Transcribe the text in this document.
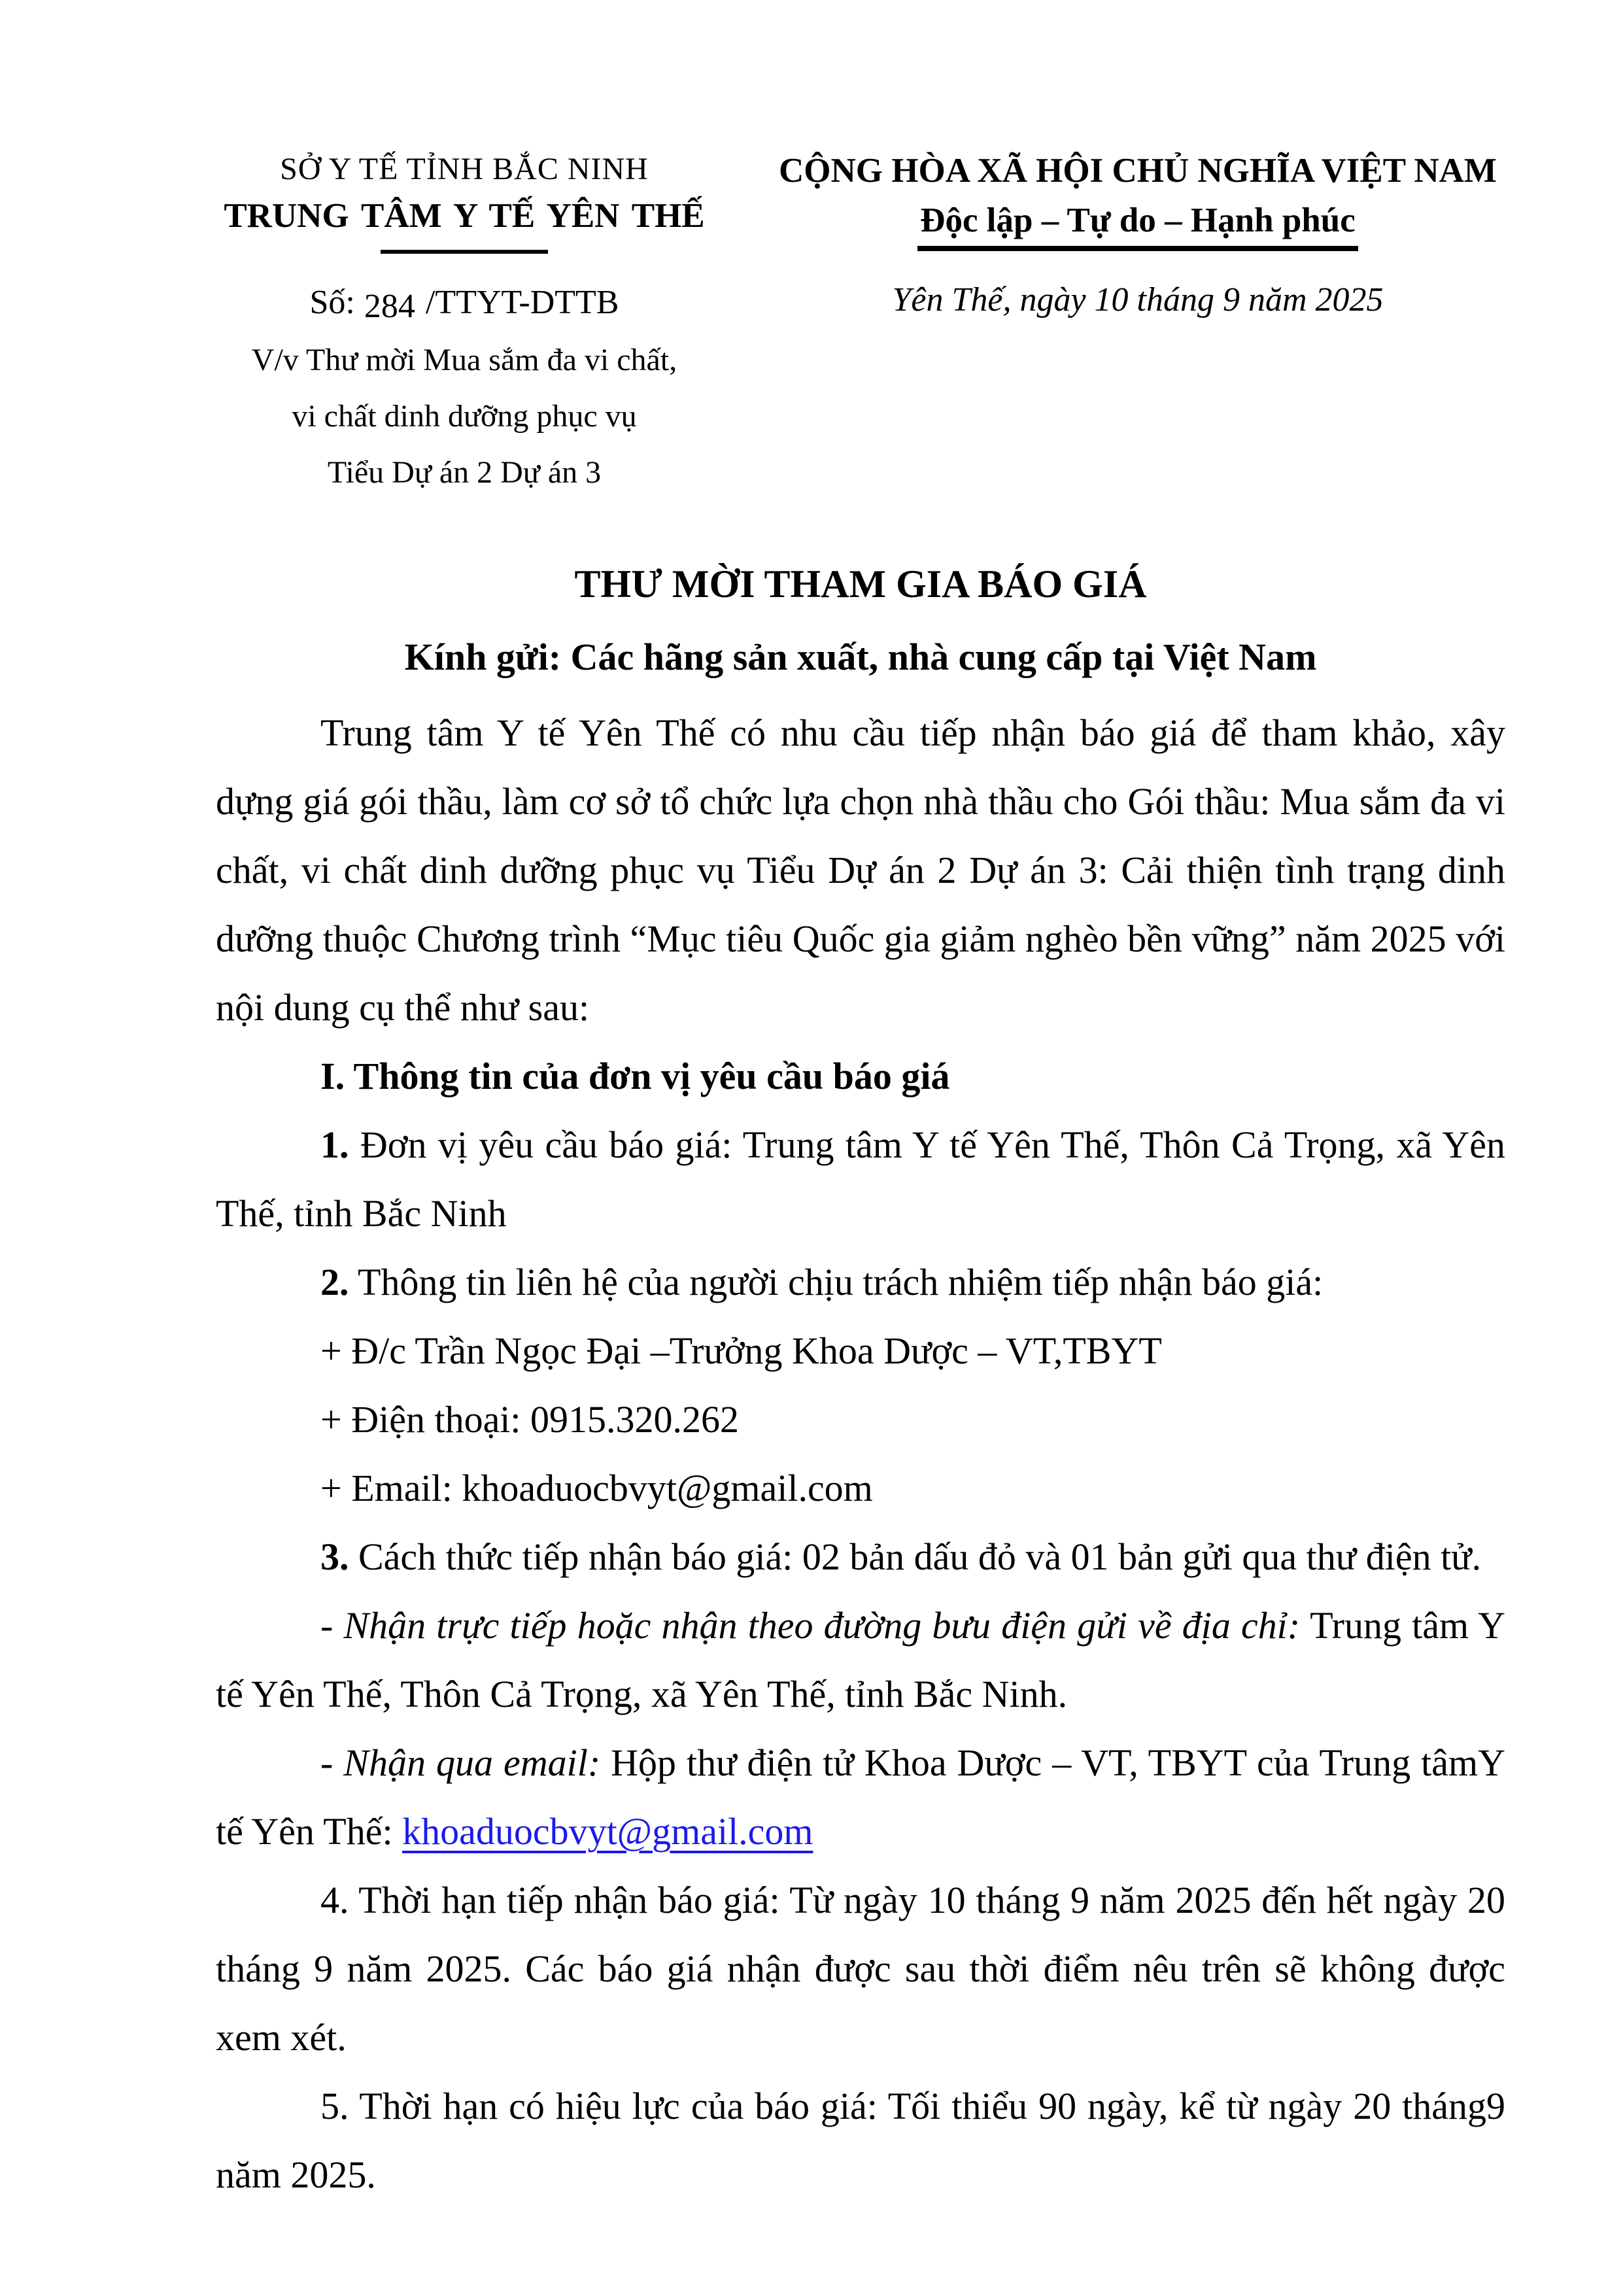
SỞ Y TẾ TỈNH BẮC NINH
TRUNG TÂM Y TẾ YÊN THẾ
Số: 284 /TTYT-DTTB
V/v Thư mời Mua sắm đa vi chất,
vi chất dinh dưỡng phục vụ
Tiểu Dự án 2 Dự án 3
CỘNG HÒA XÃ HỘI CHỦ NGHĨA VIỆT NAM
Độc lập – Tự do – Hạnh phúc
Yên Thế, ngày 10 tháng 9 năm 2025
THƯ MỜI THAM GIA BÁO GIÁ
Kính gửi: Các hãng sản xuất, nhà cung cấp tại Việt Nam

Trung tâm Y tế Yên Thế có nhu cầu tiếp nhận báo giá để tham khảo, xây dựng giá gói thầu, làm cơ sở tổ chức lựa chọn nhà thầu cho Gói thầu: Mua sắm đa vi chất, vi chất dinh dưỡng phục vụ Tiểu Dự án 2 Dự án 3: Cải thiện tình trạng dinh dưỡng thuộc Chương trình “Mục tiêu Quốc gia giảm nghèo bền vững” năm 2025 với nội dung cụ thể như sau:

I. Thông tin của đơn vị yêu cầu báo giá

1. Đơn vị yêu cầu báo giá: Trung tâm Y tế Yên Thế, Thôn Cả Trọng, xã Yên Thế, tỉnh Bắc Ninh

2. Thông tin liên hệ của người chịu trách nhiệm tiếp nhận báo giá:

+ Đ/c Trần Ngọc Đại –Trưởng Khoa Dược – VT,TBYT

+ Điện thoại: 0915.320.262

+ Email: khoaduocbvyt@gmail.com

3. Cách thức tiếp nhận báo giá: 02 bản dấu đỏ và 01 bản gửi qua thư điện tử.

- Nhận trực tiếp hoặc nhận theo đường bưu điện gửi về địa chỉ: Trung tâm Y tế Yên Thế, Thôn Cả Trọng, xã Yên Thế, tỉnh Bắc Ninh.

- Nhận qua email: Hộp thư điện tử Khoa Dược – VT, TBYT của Trung tâmY tế Yên Thế: khoaduocbvyt@gmail.com

4. Thời hạn tiếp nhận báo giá: Từ ngày 10 tháng 9 năm 2025 đến hết ngày 20 tháng 9 năm 2025. Các báo giá nhận được sau thời điểm nêu trên sẽ không được xem xét.

5. Thời hạn có hiệu lực của báo giá: Tối thiểu 90 ngày, kể từ ngày 20 tháng9 năm 2025.
